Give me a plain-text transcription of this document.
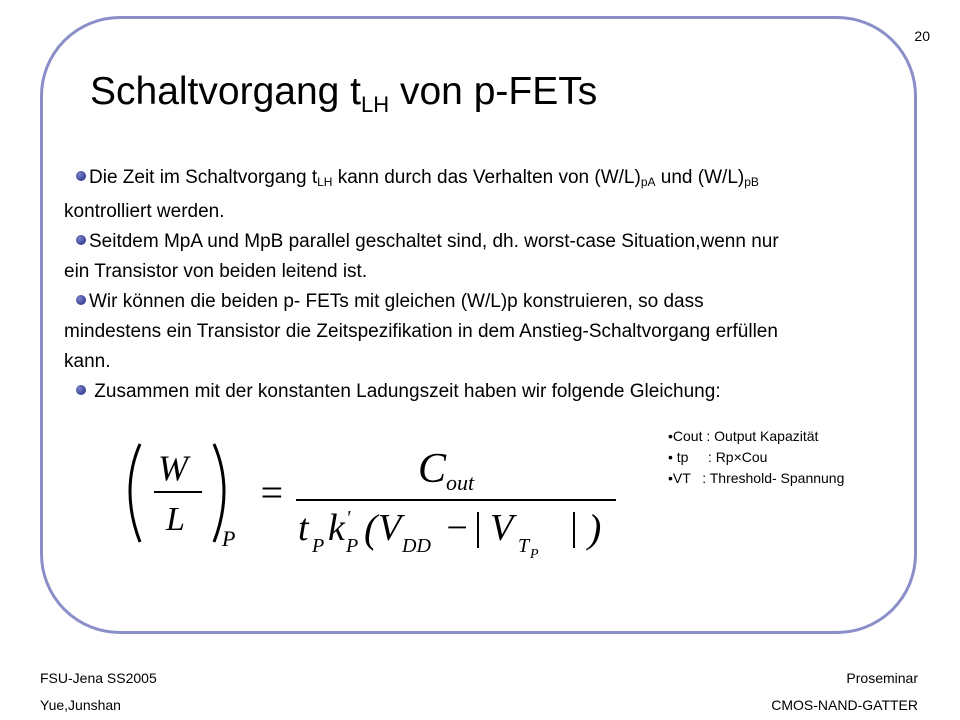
20
Schaltvorgang $t_{LH}$ von p-FETs

Die Zeit im Schaltvorgang $t_{LH}$ kann durch das Verhalten von $(W/L)_{pA}$ und $(W/L)_{pB}$ kontrolliert werden.

Seitdem MpA und MpB parallel geschaltet sind, dh. worst-case Situation,wenn nur ein Transistor von beiden leitend ist.

Wir können die beiden p- FETs mit gleichen (W/L)p konstruieren, so dass mindestens ein Transistor die Zeitspezifikation in dem Anstieg-Schaltvorgang erfüllen kann.

Zusammen mit der konstanten Ladungszeit haben wir folgende Gleichung:

•Cout : Output Kapazität
• tp     : Rp×Cou
•VT   : Threshold- Spannung
W
L
P
=
C out
t P k '
P ( V DD − V T P
)
FSU-Jena SS2005
Yue,Junshan
Proseminar
CMOS-NAND-GATTER
